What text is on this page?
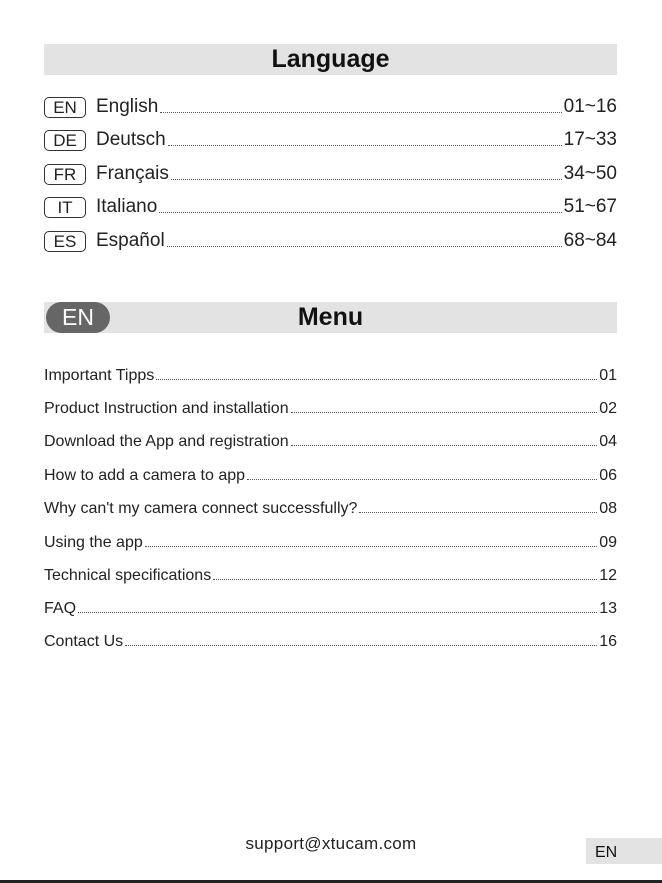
Language
EN	English	01~16
DE	Deutsch	17~33
FR	Français	34~50
IT	Italiano	51~67
ES	Español	68~84
EN	Menu
Important Tipps	01
Product Instruction and installation	02
Download the App and registration	04
How to add a camera to app	06
Why can't my camera connect successfully?	08
Using the app	09
Technical specifications	12
FAQ	13
Contact Us	16
support@xtucam.com	EN
